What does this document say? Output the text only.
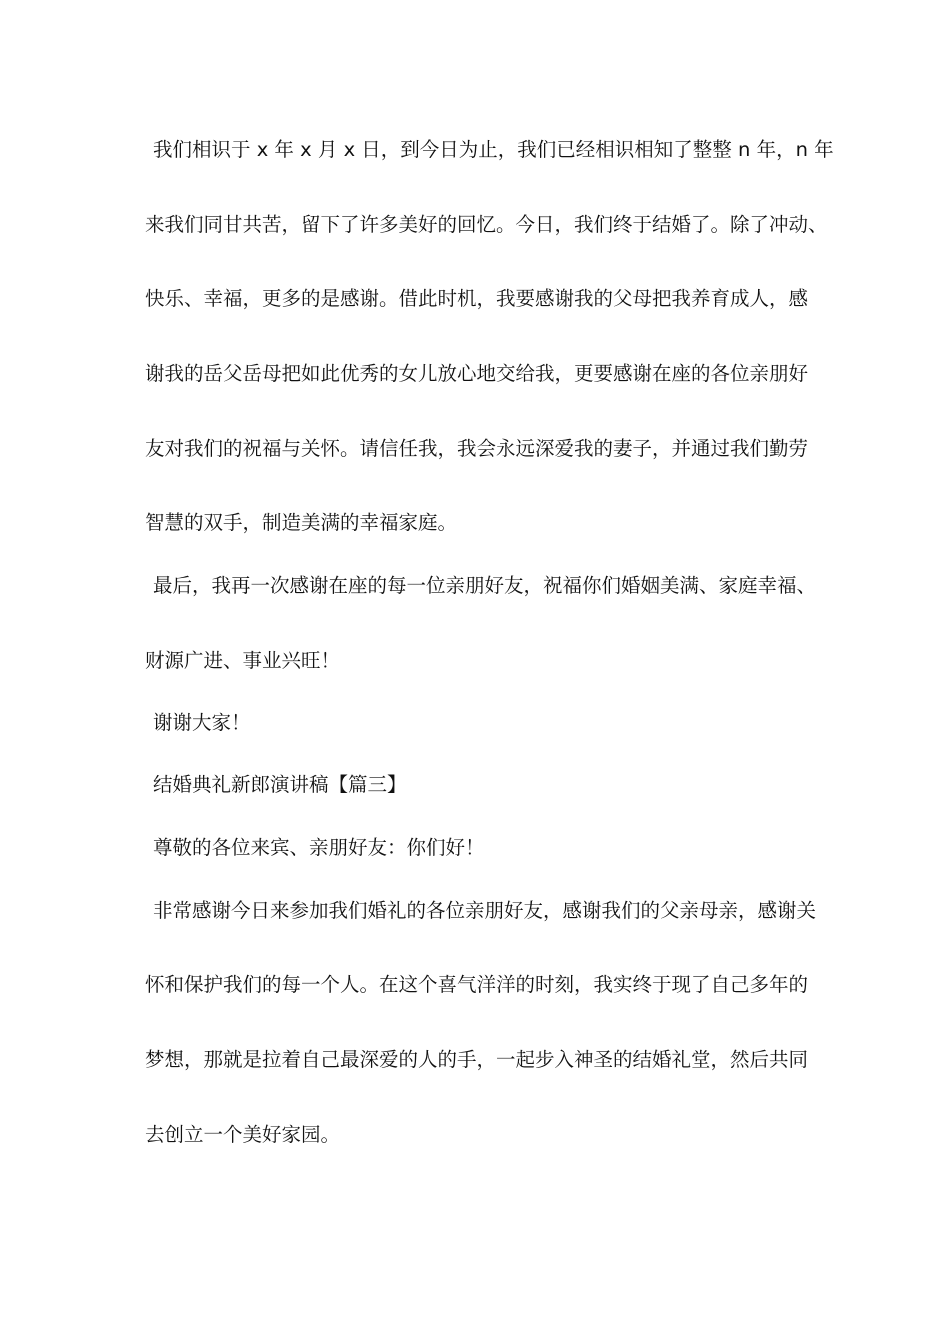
我们相识于 x 年 x 月 x 日，到今日为止，我们已经相识相知了整整 n 年，n 年
来我们同甘共苦，留下了许多美好的回忆。今日，我们终于结婚了。除了冲动、
快乐、幸福，更多的是感谢。借此时机，我要感谢我的父母把我养育成人，感
谢我的岳父岳母把如此优秀的女儿放心地交给我，更要感谢在座的各位亲朋好
友对我们的祝福与关怀。请信任我，我会永远深爱我的妻子，并通过我们勤劳
智慧的双手，制造美满的幸福家庭。
最后，我再一次感谢在座的每一位亲朋好友，祝福你们婚姻美满、家庭幸福、
财源广进、事业兴旺！
谢谢大家！
结婚典礼新郎演讲稿【篇三】
尊敬的各位来宾、亲朋好友：你们好！
非常感谢今日来参加我们婚礼的各位亲朋好友，感谢我们的父亲母亲，感谢关
怀和保护我们的每一个人。在这个喜气洋洋的时刻，我实终于现了自己多年的
梦想，那就是拉着自己最深爱的人的手，一起步入神圣的结婚礼堂，然后共同
去创立一个美好家园。
